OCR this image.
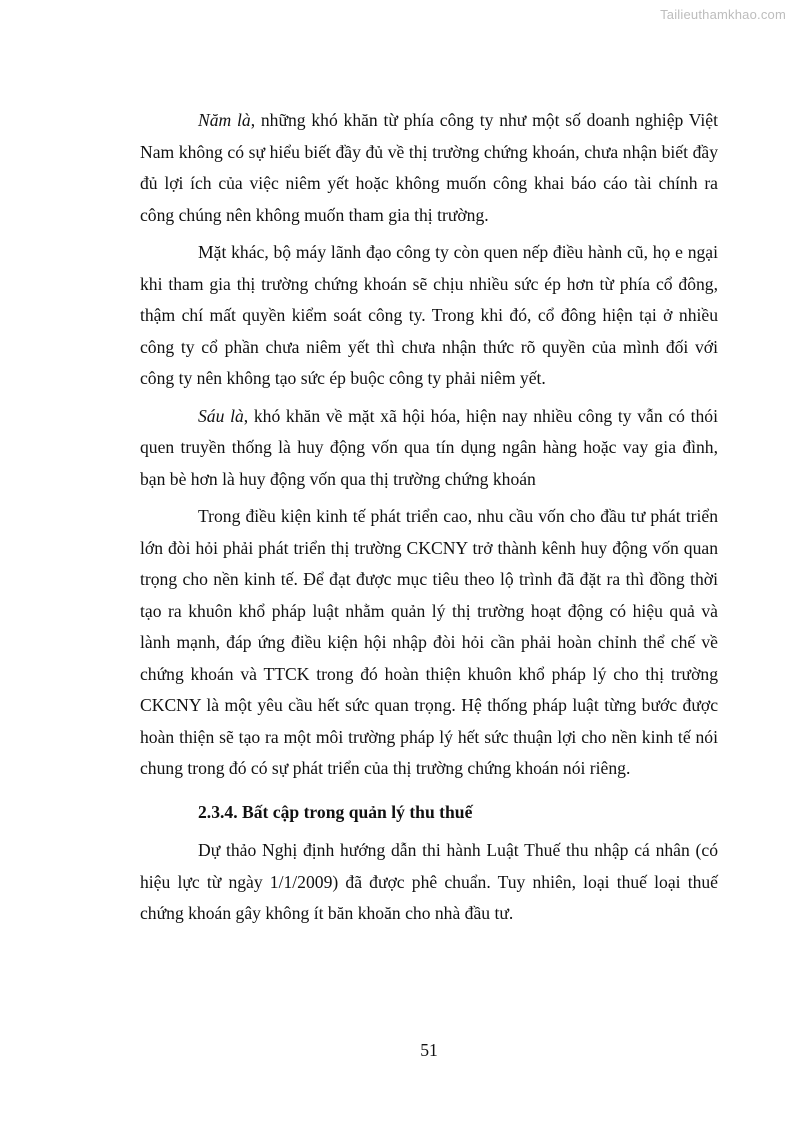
Tailieuthamkhao.com

Năm là, những khó khăn từ phía công ty như một số doanh nghiệp Việt Nam không có sự hiểu biết đầy đủ về thị trường chứng khoán, chưa nhận biết đầy đủ lợi ích của việc niêm yết hoặc không muốn công khai báo cáo tài chính ra công chúng nên không muốn tham gia thị trường.

Mặt khác, bộ máy lãnh đạo công ty còn quen nếp điều hành cũ, họ e ngại khi tham gia thị trường chứng khoán sẽ chịu nhiều sức ép hơn từ phía cổ đông, thậm chí mất quyền kiểm soát công ty. Trong khi đó, cổ đông hiện tại ở nhiều công ty cổ phần chưa niêm yết thì chưa nhận thức rõ quyền của mình đối với công ty nên không tạo sức ép buộc công ty phải niêm yết.

Sáu là, khó khăn về mặt xã hội hóa, hiện nay nhiều công ty vẫn có thói quen truyền thống là huy động vốn qua tín dụng ngân hàng hoặc vay gia đình, bạn bè hơn là huy động vốn qua thị trường chứng khoán

Trong điều kiện kinh tế phát triển cao, nhu cầu vốn cho đầu tư phát triển lớn đòi hỏi phải phát triển thị trường CKCNY trở thành kênh huy động vốn quan trọng cho nền kinh tế. Để đạt được mục tiêu theo lộ trình đã đặt ra thì đồng thời tạo ra khuôn khổ pháp luật nhằm quản lý thị trường hoạt động có hiệu quả và lành mạnh, đáp ứng điều kiện hội nhập đòi hỏi cần phải hoàn chỉnh thể chế về chứng khoán và TTCK trong đó hoàn thiện khuôn khổ pháp lý cho thị trường CKCNY là một yêu cầu hết sức quan trọng. Hệ thống pháp luật từng bước được hoàn thiện sẽ tạo ra một môi trường pháp lý hết sức thuận lợi cho nền kinh tế nói chung trong đó có sự phát triển của thị trường chứng khoán nói riêng.

2.3.4. Bất cập trong quản lý thu thuế

Dự thảo Nghị định hướng dẫn thi hành Luật Thuế thu nhập cá nhân (có hiệu lực từ ngày 1/1/2009) đã được phê chuẩn. Tuy nhiên, loại thuế loại thuế chứng khoán gây không ít băn khoăn cho nhà đầu tư.

51
